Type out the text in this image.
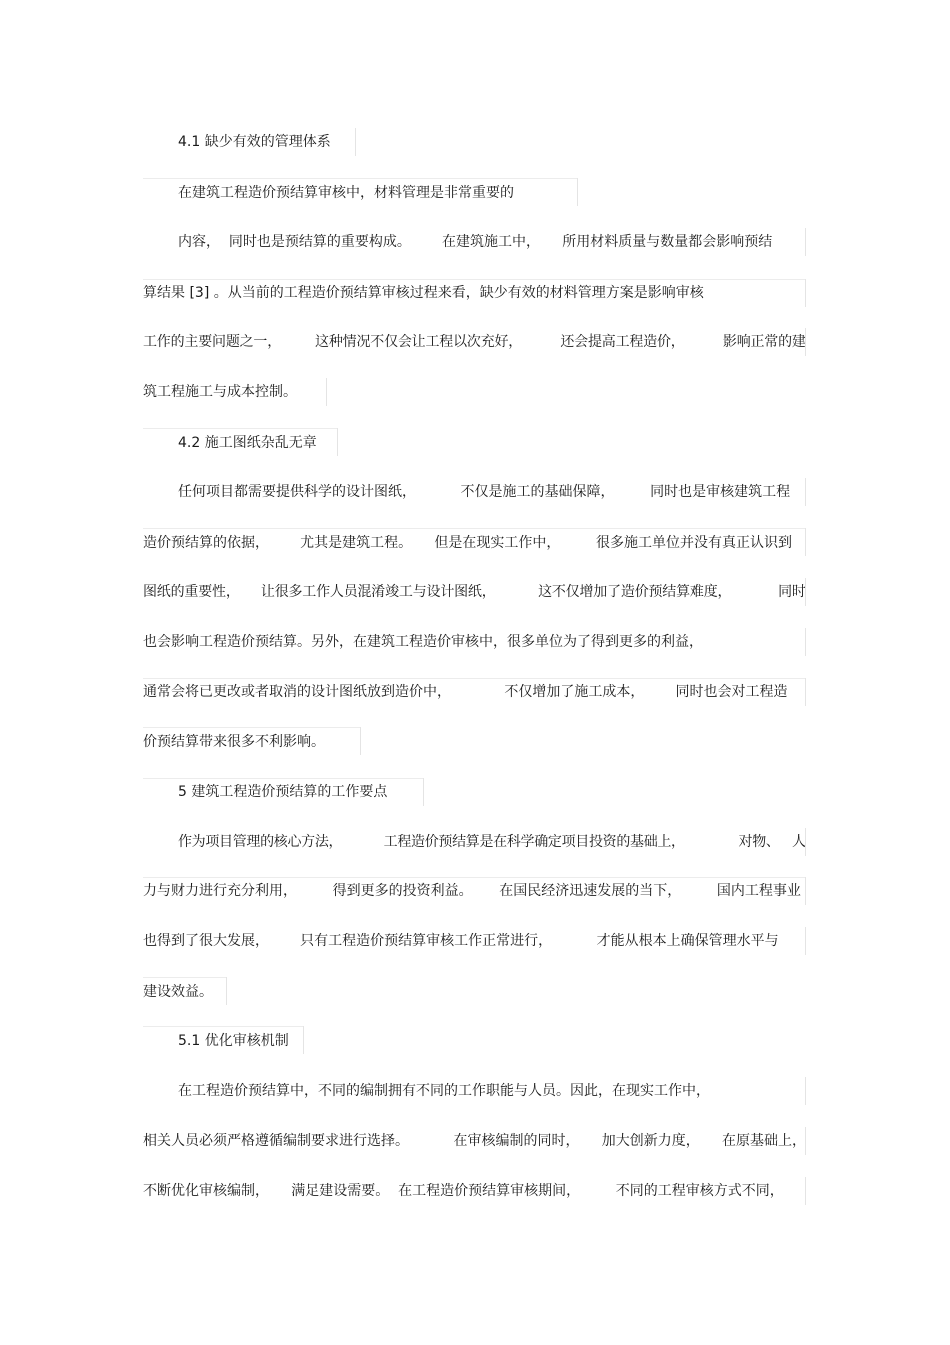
4.1 缺少有效的管理体系
在建筑工程造价预结算审核中，材料管理是非常重要的
内容，  同时也是预结算的重要构成。       在建筑施工中，     所用材料质量与数量都会影响预结
算结果 [3] 。从当前的工程造价预结算审核过程来看，缺少有效的材料管理方案是影响审核
工作的主要问题之一，        这种情况不仅会让工程以次充好，         还会提高工程造价，         影响正常的建
筑工程施工与成本控制。
4.2 施工图纸杂乱无章
任何项目都需要提供科学的设计图纸，          不仅是施工的基础保障，        同时也是审核建筑工程
造价预结算的依据，       尤其是建筑工程。     但是在现实工作中，        很多施工单位并没有真正认识到
图纸的重要性，     让很多工作人员混淆竣工与设计图纸，          这不仅增加了造价预结算难度，           同时
也会影响工程造价预结算。另外，在建筑工程造价审核中，很多单位为了得到更多的利益，
通常会将已更改或者取消的设计图纸放到造价中，            不仅增加了施工成本，       同时也会对工程造
价预结算带来很多不利影响。
5 建筑工程造价预结算的工作要点
作为项目管理的核心方法，          工程造价预结算是在科学确定项目投资的基础上，             对物、   人
力与财力进行充分利用，        得到更多的投资利益。      在国民经济迅速发展的当下，        国内工程事业
也得到了很大发展，       只有工程造价预结算审核工作正常进行，          才能从根本上确保管理水平与
建设效益。
5.1 优化审核机制
在工程造价预结算中，不同的编制拥有不同的工作职能与人员。因此，在现实工作中，
相关人员必须严格遵循编制要求进行选择。          在审核编制的同时，     加大创新力度，     在原基础上，
不断优化审核编制，     满足建设需要。  在工程造价预结算审核期间，        不同的工程审核方式不同，
